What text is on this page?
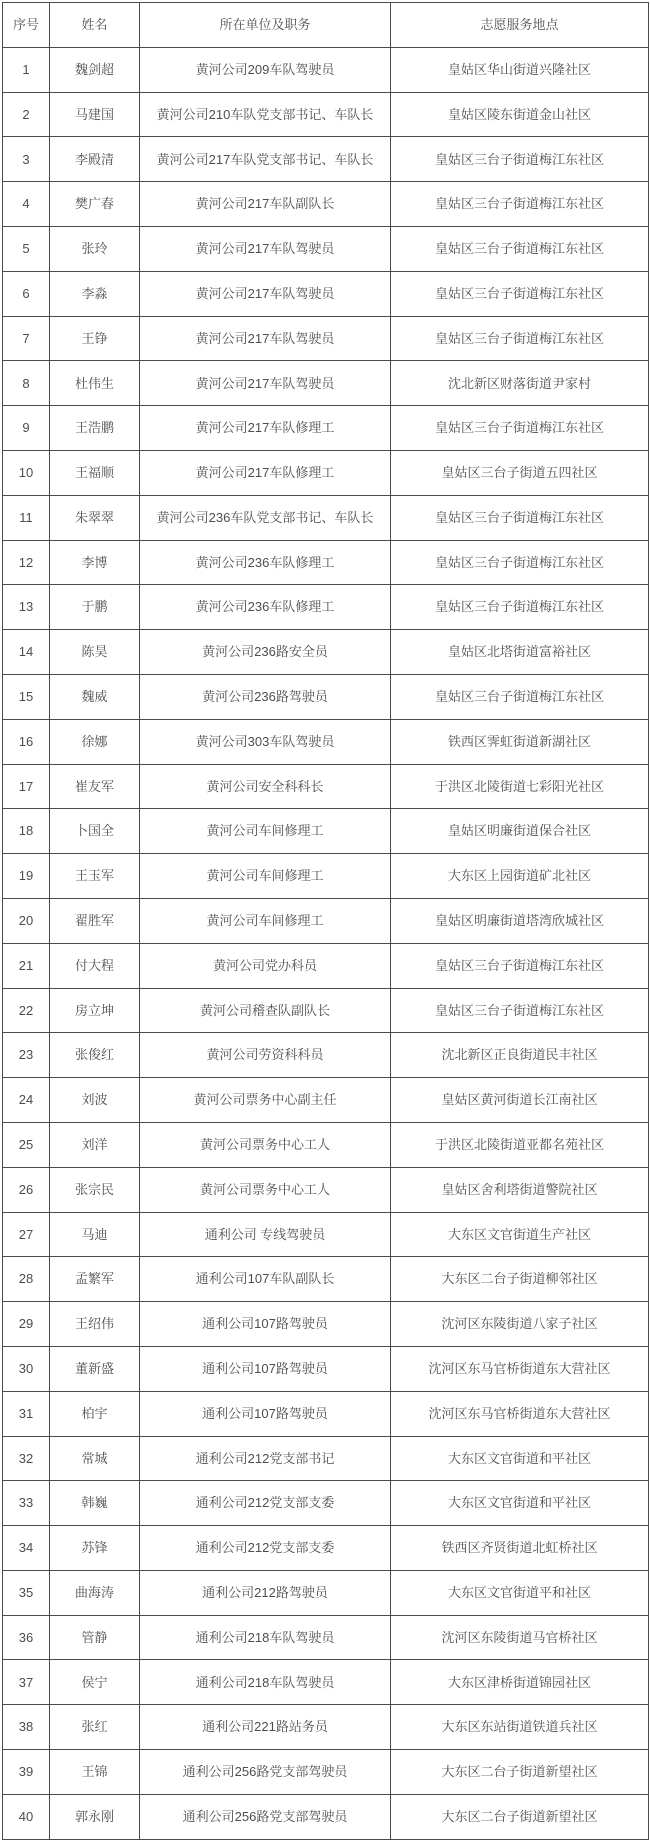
序号	姓名	所在单位及职务	志愿服务地点
1	魏剑超	黄河公司209车队驾驶员	皇姑区华山街道兴隆社区
2	马建国	黄河公司210车队党支部书记、车队长	皇姑区陵东街道金山社区
3	李殿清	黄河公司217车队党支部书记、车队长	皇姑区三台子街道梅江东社区
4	樊广春	黄河公司217车队副队长	皇姑区三台子街道梅江东社区
5	张玲	黄河公司217车队驾驶员	皇姑区三台子街道梅江东社区
6	李淼	黄河公司217车队驾驶员	皇姑区三台子街道梅江东社区
7	王铮	黄河公司217车队驾驶员	皇姑区三台子街道梅江东社区
8	杜伟生	黄河公司217车队驾驶员	沈北新区财落街道尹家村
9	王浩鹏	黄河公司217车队修理工	皇姑区三台子街道梅江东社区
10	王福顺	黄河公司217车队修理工	皇姑区三台子街道五四社区
11	朱翠翠	黄河公司236车队党支部书记、车队长	皇姑区三台子街道梅江东社区
12	李博	黄河公司236车队修理工	皇姑区三台子街道梅江东社区
13	于鹏	黄河公司236车队修理工	皇姑区三台子街道梅江东社区
14	陈昊	黄河公司236路安全员	皇姑区北塔街道富裕社区
15	魏威	黄河公司236路驾驶员	皇姑区三台子街道梅江东社区
16	徐娜	黄河公司303车队驾驶员	铁西区霁虹街道新湖社区
17	崔友军	黄河公司安全科科长	于洪区北陵街道七彩阳光社区
18	卜国全	黄河公司车间修理工	皇姑区明廉街道保合社区
19	王玉军	黄河公司车间修理工	大东区上园街道矿北社区
20	翟胜军	黄河公司车间修理工	皇姑区明廉街道塔湾欣城社区
21	付大程	黄河公司党办科员	皇姑区三台子街道梅江东社区
22	房立坤	黄河公司稽查队副队长	皇姑区三台子街道梅江东社区
23	张俊红	黄河公司劳资科科员	沈北新区正良街道民丰社区
24	刘波	黄河公司票务中心副主任	皇姑区黄河街道长江南社区
25	刘洋	黄河公司票务中心工人	于洪区北陵街道亚都名苑社区
26	张宗民	黄河公司票务中心工人	皇姑区舍利塔街道警院社区
27	马迪	通利公司 专线驾驶员	大东区文官街道生产社区
28	孟繁军	通利公司107车队副队长	大东区二台子街道柳邻社区
29	王绍伟	通利公司107路驾驶员	沈河区东陵街道八家子社区
30	董新盛	通利公司107路驾驶员	沈河区东马官桥街道东大营社区
31	柏宇	通利公司107路驾驶员	沈河区东马官桥街道东大营社区
32	常城	通利公司212党支部书记	大东区文官街道和平社区
33	韩巍	通利公司212党支部支委	大东区文官街道和平社区
34	苏锋	通利公司212党支部支委	铁西区齐贤街道北虹桥社区
35	曲海涛	通利公司212路驾驶员	大东区文官街道平和社区
36	管静	通利公司218车队驾驶员	沈河区东陵街道马官桥社区
37	侯宁	通利公司218车队驾驶员	大东区津桥街道锦园社区
38	张红	通利公司221路站务员	大东区东站街道铁道兵社区
39	王锦	通利公司256路党支部驾驶员	大东区二台子街道新望社区
40	郭永刚	通利公司256路党支部驾驶员	大东区二台子街道新望社区
